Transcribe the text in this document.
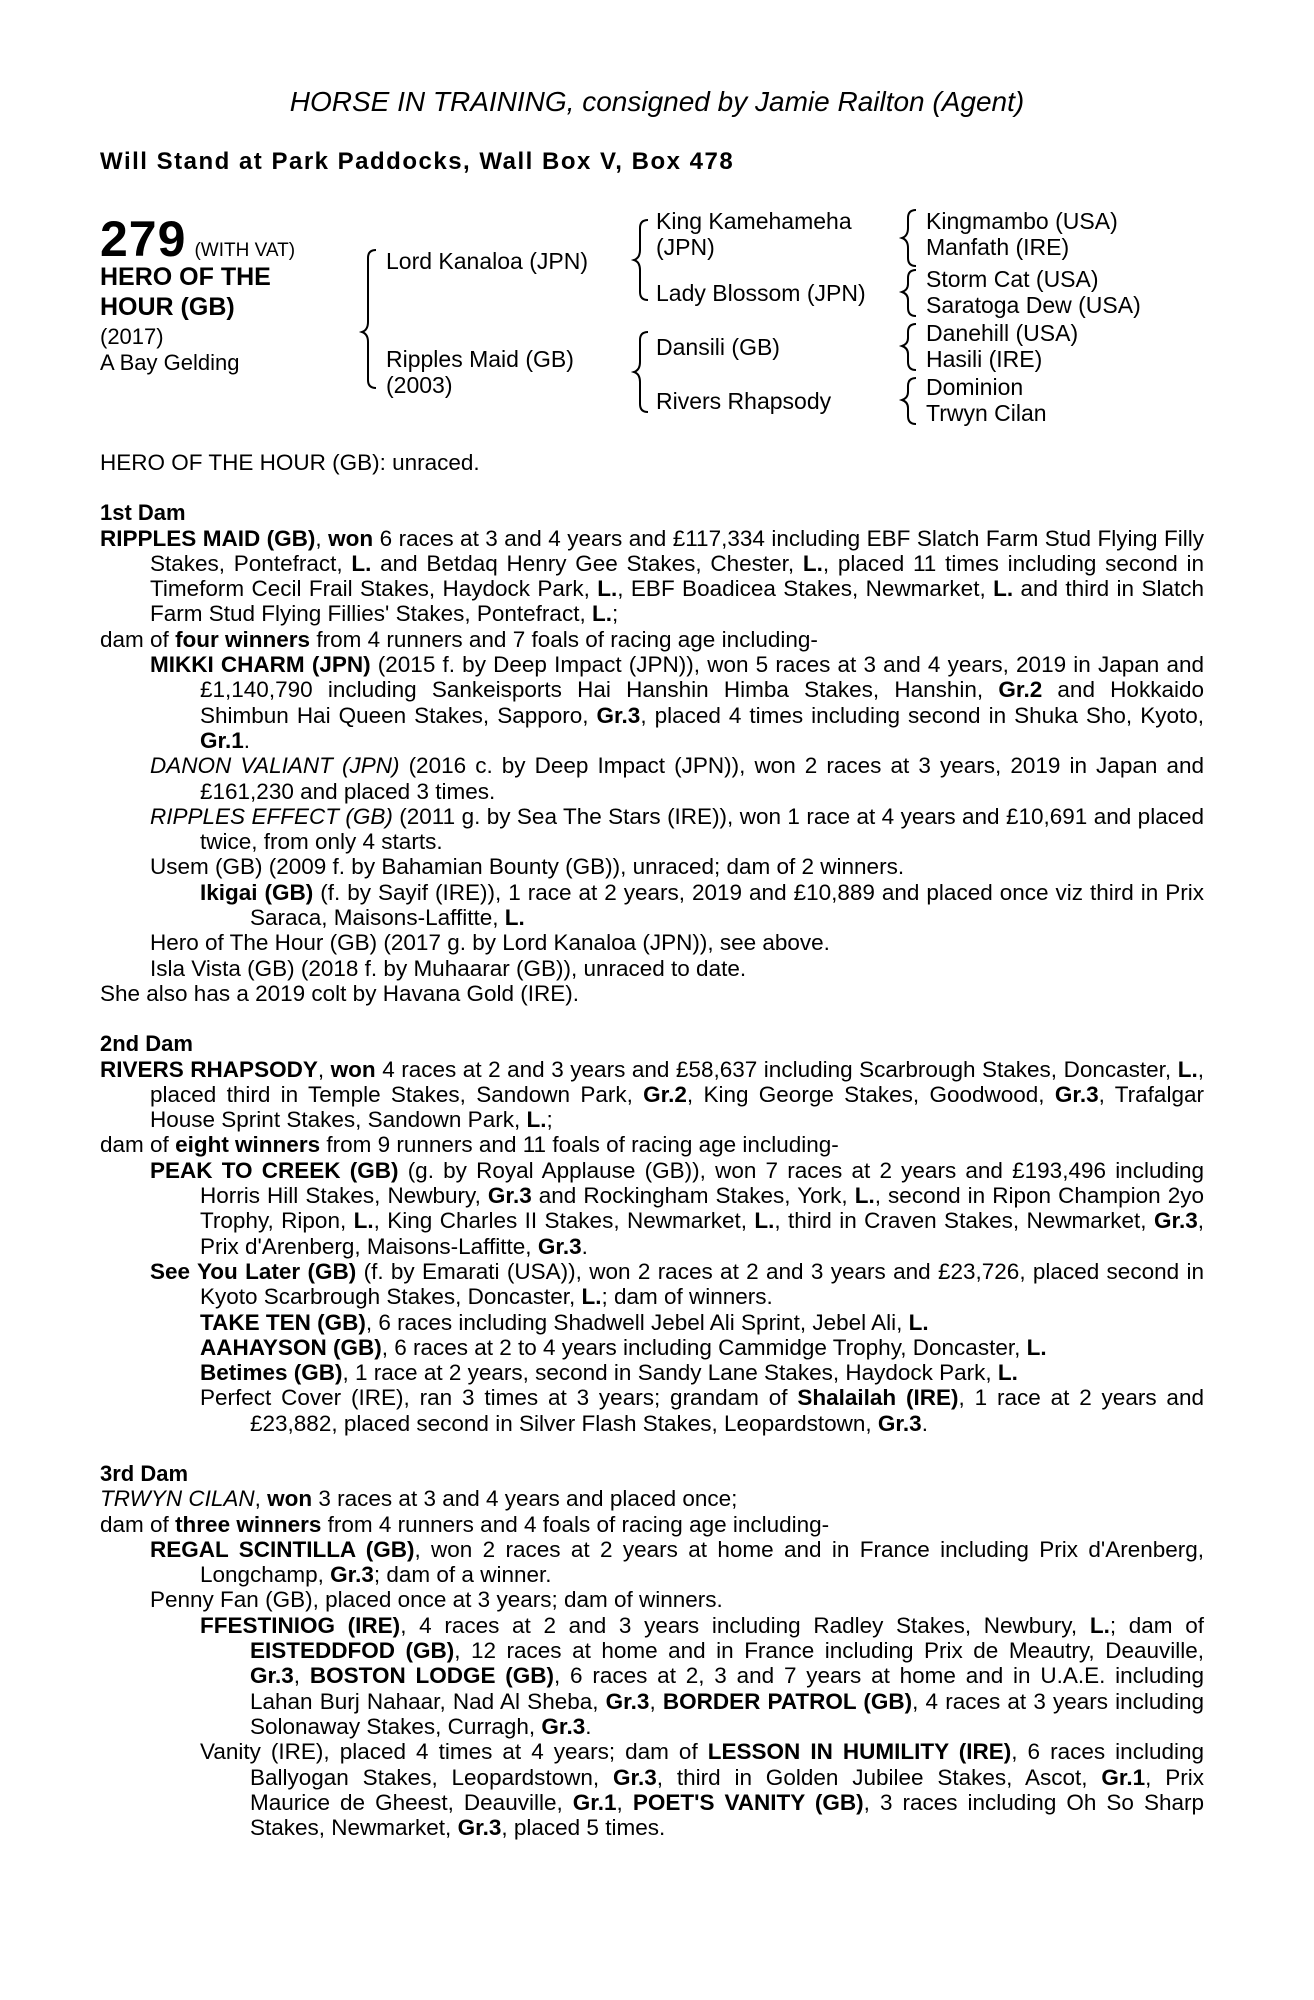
HORSE IN TRAINING, consigned by Jamie Railton (Agent)
Will Stand at Park Paddocks, Wall Box V, Box 478
279 (WITH VAT)
HERO OF THE
HOUR (GB)
(2017)
A Bay Gelding
Lord Kanaloa (JPN)
Ripples Maid (GB)
(2003)
King Kamehameha
(JPN)
Lady Blossom (JPN)
Dansili (GB)
Rivers Rhapsody
Kingmambo (USA)
Manfath (IRE)
Storm Cat (USA)
Saratoga Dew (USA)
Danehill (USA)
Hasili (IRE)
Dominion
Trwyn Cilan

HERO OF THE HOUR (GB): unraced.

1st Dam

RIPPLES MAID (GB), won 6 races at 3 and 4 years and £117,334 including EBF Slatch Farm Stud Flying Filly Stakes, Pontefract, L. and Betdaq Henry Gee Stakes, Chester, L., placed 11 times including second in Timeform Cecil Frail Stakes, Haydock Park, L., EBF Boadicea Stakes, Newmarket, L. and third in Slatch Farm Stud Flying Fillies' Stakes, Pontefract, L.;

dam of four winners from 4 runners and 7 foals of racing age including-

MIKKI CHARM (JPN) (2015 f. by Deep Impact (JPN)), won 5 races at 3 and 4 years, 2019 in Japan and £1,140,790 including Sankeisports Hai Hanshin Himba Stakes, Hanshin, Gr.2 and Hokkaido Shimbun Hai Queen Stakes, Sapporo, Gr.3, placed 4 times including second in Shuka Sho, Kyoto, Gr.1.

DANON VALIANT (JPN) (2016 c. by Deep Impact (JPN)), won 2 races at 3 years, 2019 in Japan and £161,230 and placed 3 times.

RIPPLES EFFECT (GB) (2011 g. by Sea The Stars (IRE)), won 1 race at 4 years and £10,691 and placed twice, from only 4 starts.

Usem (GB) (2009 f. by Bahamian Bounty (GB)), unraced; dam of 2 winners.

Ikigai (GB) (f. by Sayif (IRE)), 1 race at 2 years, 2019 and £10,889 and placed once viz third in Prix Saraca, Maisons-Laffitte, L.

Hero of The Hour (GB) (2017 g. by Lord Kanaloa (JPN)), see above.

Isla Vista (GB) (2018 f. by Muhaarar (GB)), unraced to date.

She also has a 2019 colt by Havana Gold (IRE).

2nd Dam

RIVERS RHAPSODY, won 4 races at 2 and 3 years and £58,637 including Scarbrough Stakes, Doncaster, L., placed third in Temple Stakes, Sandown Park, Gr.2, King George Stakes, Goodwood, Gr.3, Trafalgar House Sprint Stakes, Sandown Park, L.;

dam of eight winners from 9 runners and 11 foals of racing age including-

PEAK TO CREEK (GB) (g. by Royal Applause (GB)), won 7 races at 2 years and £193,496 including Horris Hill Stakes, Newbury, Gr.3 and Rockingham Stakes, York, L., second in Ripon Champion 2yo Trophy, Ripon, L., King Charles II Stakes, Newmarket, L., third in Craven Stakes, Newmarket, Gr.3, Prix d'Arenberg, Maisons-Laffitte, Gr.3.

See You Later (GB) (f. by Emarati (USA)), won 2 races at 2 and 3 years and £23,726, placed second in Kyoto Scarbrough Stakes, Doncaster, L.; dam of winners.

TAKE TEN (GB), 6 races including Shadwell Jebel Ali Sprint, Jebel Ali, L.

AAHAYSON (GB), 6 races at 2 to 4 years including Cammidge Trophy, Doncaster, L.

Betimes (GB), 1 race at 2 years, second in Sandy Lane Stakes, Haydock Park, L.

Perfect Cover (IRE), ran 3 times at 3 years; grandam of Shalailah (IRE), 1 race at 2 years and £23,882, placed second in Silver Flash Stakes, Leopardstown, Gr.3.

3rd Dam

TRWYN CILAN, won 3 races at 3 and 4 years and placed once;

dam of three winners from 4 runners and 4 foals of racing age including-

REGAL SCINTILLA (GB), won 2 races at 2 years at home and in France including Prix d'Arenberg, Longchamp, Gr.3; dam of a winner.

Penny Fan (GB), placed once at 3 years; dam of winners.

FFESTINIOG (IRE), 4 races at 2 and 3 years including Radley Stakes, Newbury, L.; dam of EISTEDDFOD (GB), 12 races at home and in France including Prix de Meautry, Deauville, Gr.3, BOSTON LODGE (GB), 6 races at 2, 3 and 7 years at home and in U.A.E. including Lahan Burj Nahaar, Nad Al Sheba, Gr.3, BORDER PATROL (GB), 4 races at 3 years including Solonaway Stakes, Curragh, Gr.3.

Vanity (IRE), placed 4 times at 4 years; dam of LESSON IN HUMILITY (IRE), 6 races including Ballyogan Stakes, Leopardstown, Gr.3, third in Golden Jubilee Stakes, Ascot, Gr.1, Prix Maurice de Gheest, Deauville, Gr.1, POET'S VANITY (GB), 3 races including Oh So Sharp Stakes, Newmarket, Gr.3, placed 5 times.
